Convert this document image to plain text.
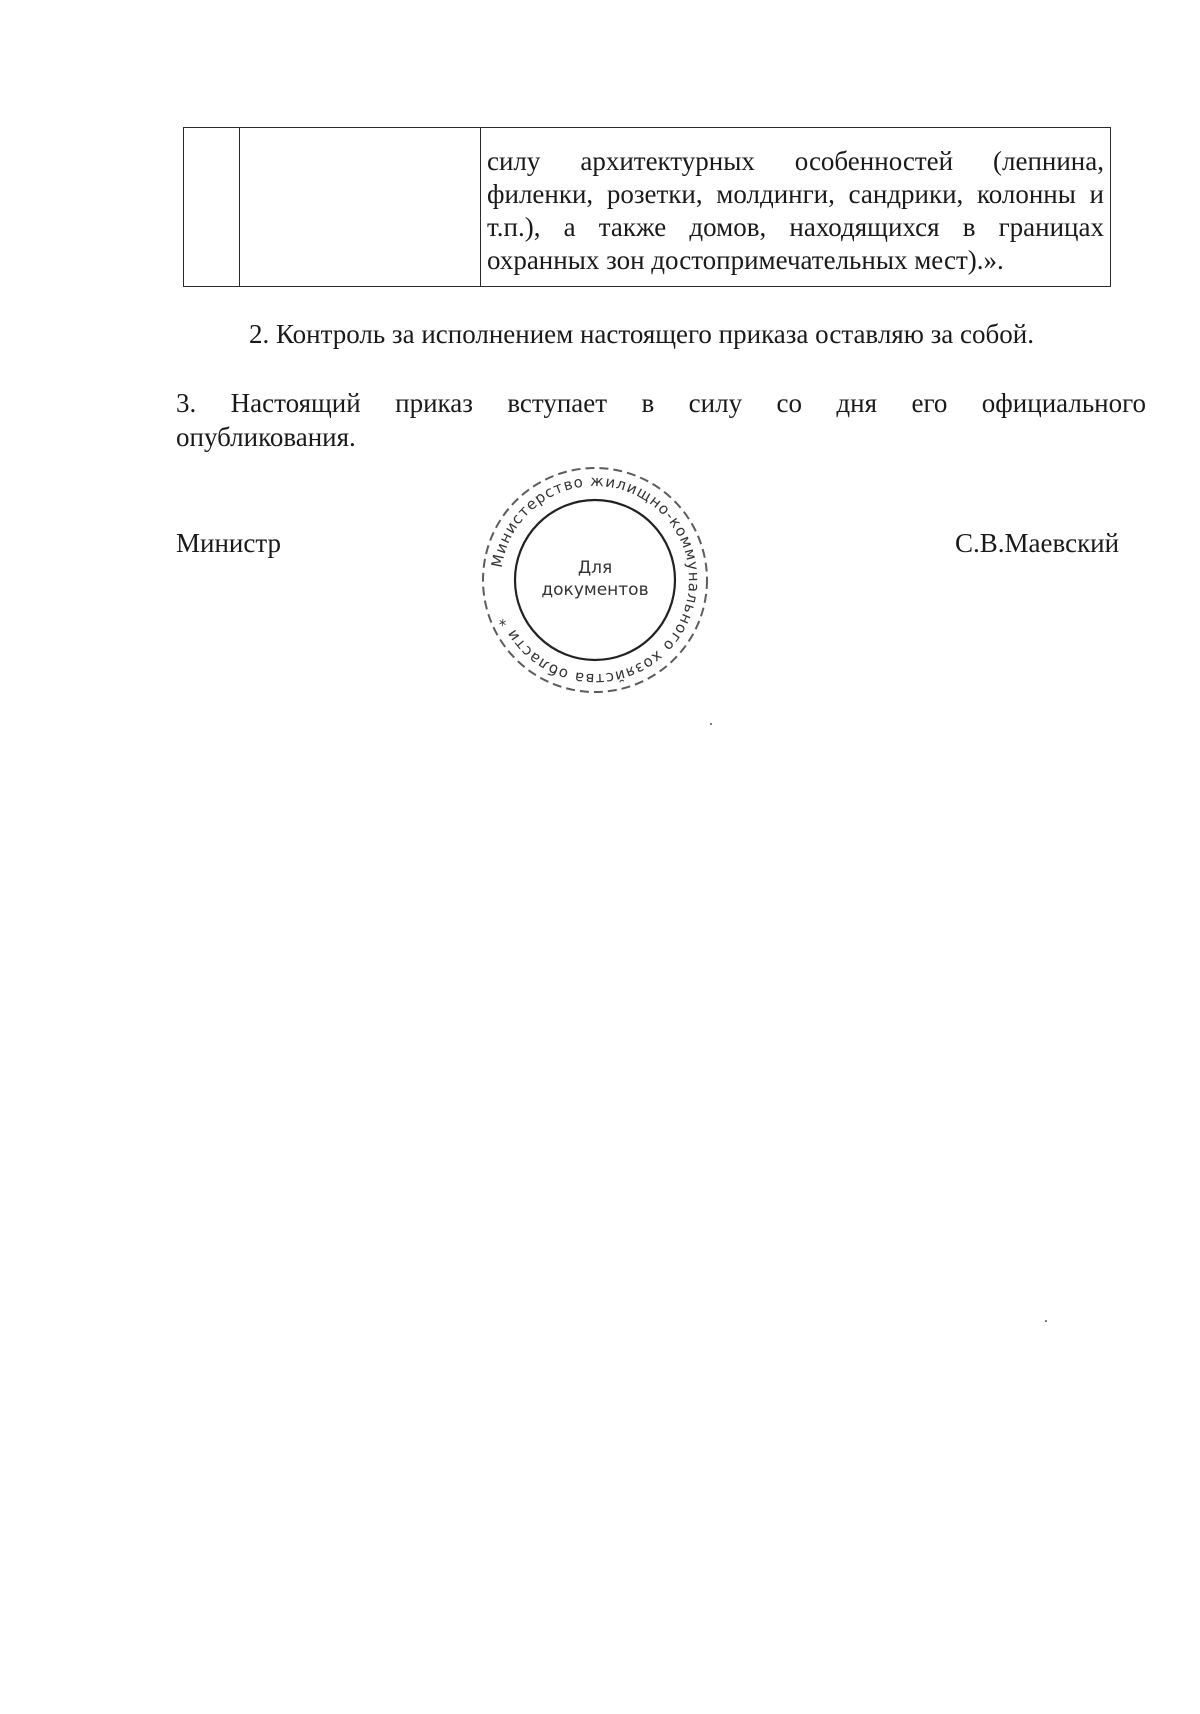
силу архитектурных особенностей (лепнина,
филенки, розетки, молдинги, сандрики, колонны и
т.п.), а также домов, находящихся в границах
охранных зон достопримечательных мест).».

2. Контроль за исполнением настоящего приказа оставляю за собой.

3. Настоящий приказ вступает в силу со дня его официального

опубликования.

Министр	С.В.Маевский
Министерство жилищно-коммунального хозяйства области *
Для
документов
